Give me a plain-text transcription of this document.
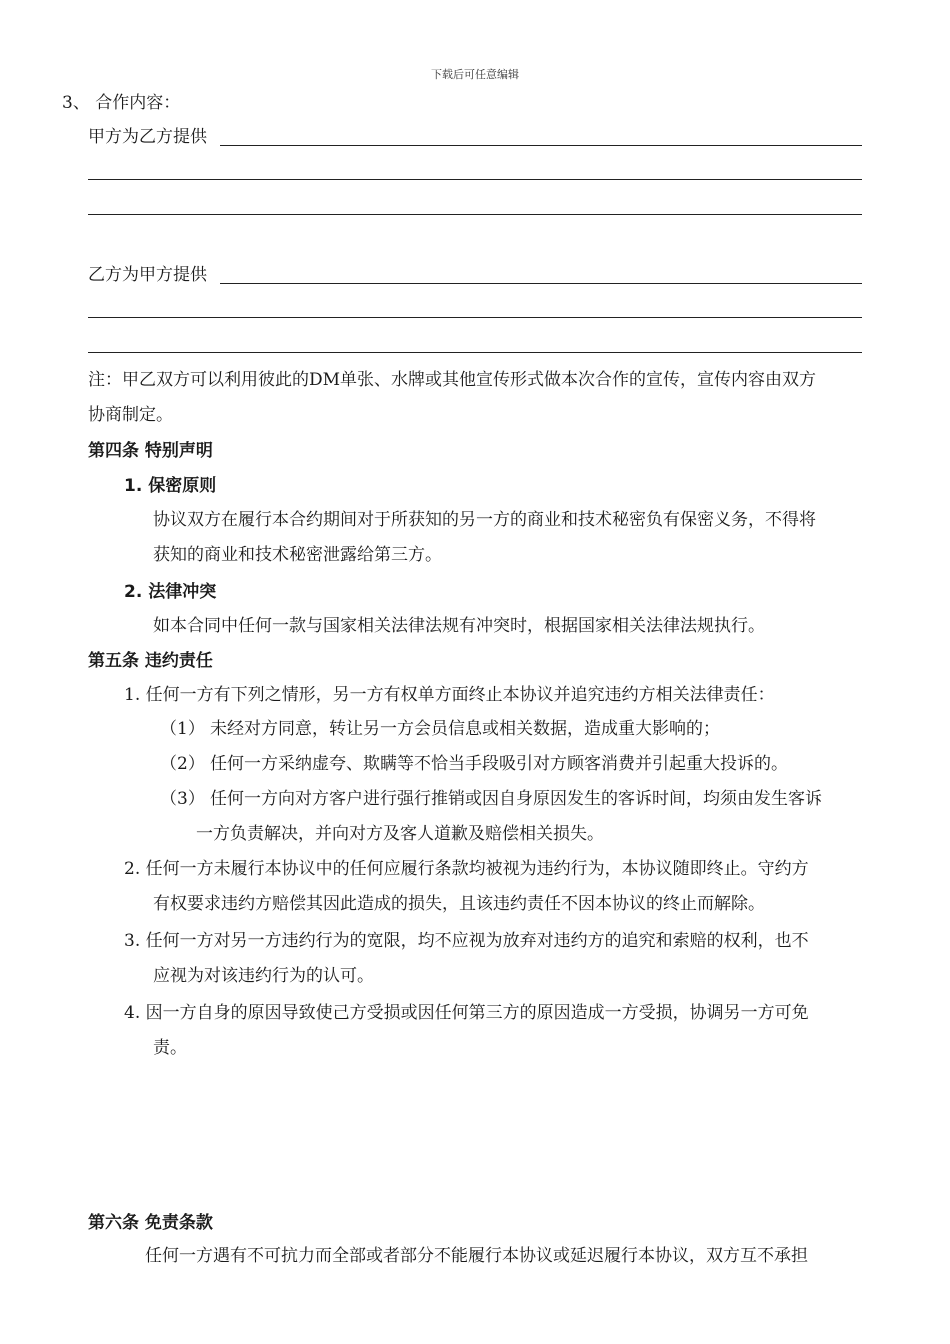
下载后可任意编辑
3、 合作内容：
甲方为乙方提供
乙方为甲方提供
注：甲乙双方可以利用彼此的DM单张、水牌或其他宣传形式做本次合作的宣传，宣传内容由双方
协商制定。
第四条 特别声明
1. 保密原则
协议双方在履行本合约期间对于所获知的另一方的商业和技术秘密负有保密义务，不得将
获知的商业和技术秘密泄露给第三方。
2. 法律冲突
如本合同中任何一款与国家相关法律法规有冲突时，根据国家相关法律法规执行。
第五条 违约责任
1. 任何一方有下列之情形，另一方有权单方面终止本协议并追究违约方相关法律责任：
（1） 未经对方同意，转让另一方会员信息或相关数据，造成重大影响的；
（2） 任何一方采纳虚夸、欺瞒等不恰当手段吸引对方顾客消费并引起重大投诉的。
（3） 任何一方向对方客户进行强行推销或因自身原因发生的客诉时间，均须由发生客诉
一方负责解决，并向对方及客人道歉及赔偿相关损失。
2. 任何一方未履行本协议中的任何应履行条款均被视为违约行为，本协议随即终止。守约方
有权要求违约方赔偿其因此造成的损失，且该违约责任不因本协议的终止而解除。
3. 任何一方对另一方违约行为的宽限，均不应视为放弃对违约方的追究和索赔的权利，也不
应视为对该违约行为的认可。
4. 因一方自身的原因导致使己方受损或因任何第三方的原因造成一方受损，协调另一方可免
责。
第六条 免责条款
任何一方遇有不可抗力而全部或者部分不能履行本协议或延迟履行本协议，双方互不承担
